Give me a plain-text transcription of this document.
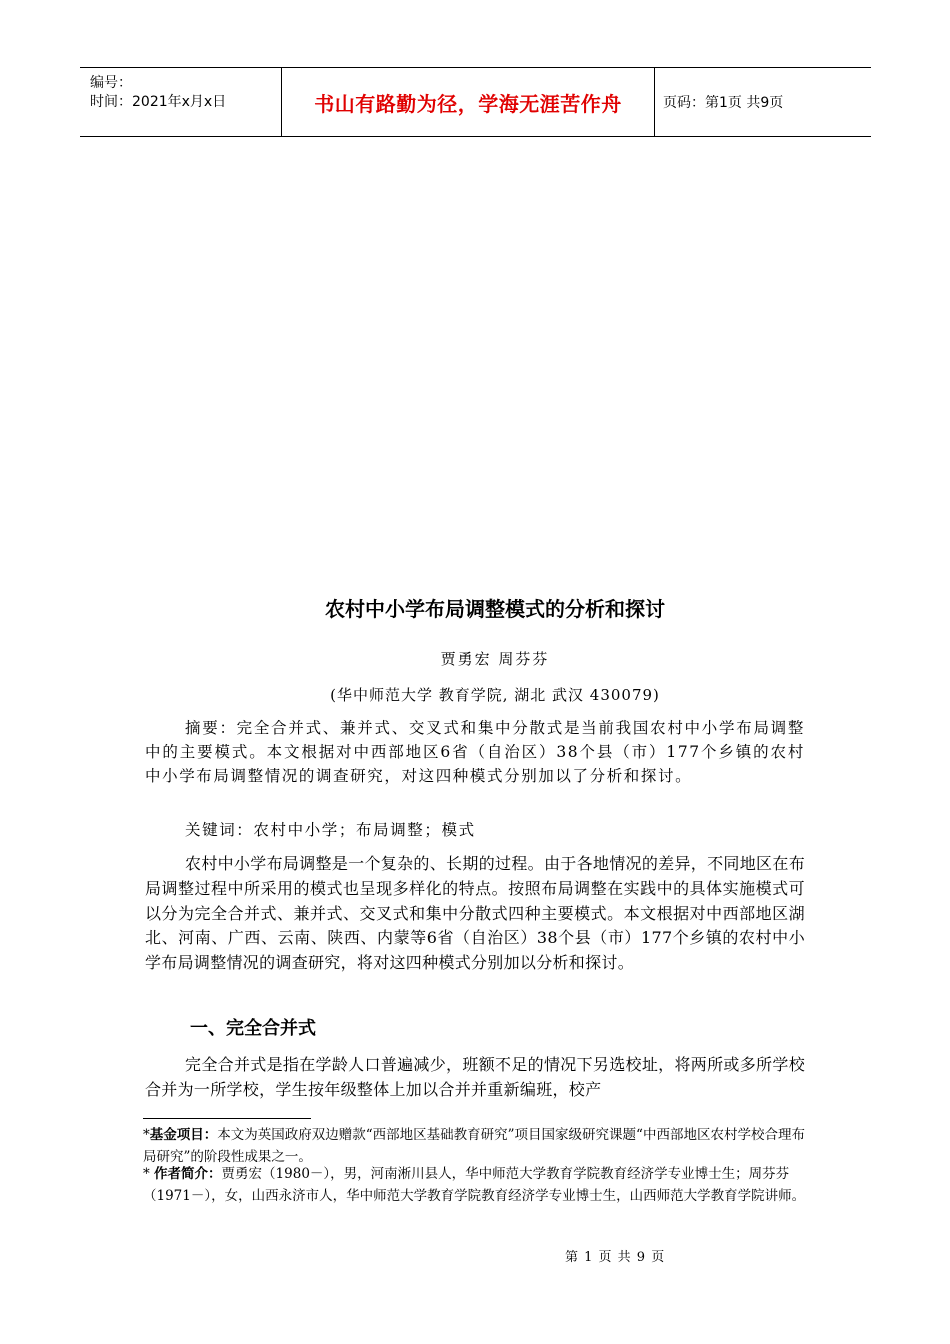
编号：
时间：2021年x月x日	书山有路勤为径，学海无涯苦作舟	页码：第1页 共9页
农村中小学布局调整模式的分析和探讨
贾勇宏 周芬芬
(华中师范大学 教育学院, 湖北 武汉 430079)

摘要：完全合并式、兼并式、交叉式和集中分散式是当前我国农村中小学布局调整中的主要模式。本文根据对中西部地区6省（自治区）38个县（市）177个乡镇的农村中小学布局调整情况的调查研究，对这四种模式分别加以了分析和探讨。

关键词：农村中小学；布局调整；模式

农村中小学布局调整是一个复杂的、长期的过程。由于各地情况的差异，不同地区在布局调整过程中所采用的模式也呈现多样化的特点。按照布局调整在实践中的具体实施模式可以分为完全合并式、兼并式、交叉式和集中分散式四种主要模式。本文根据对中西部地区湖北、河南、广西、云南、陕西、内蒙等6省（自治区）38个县（市）177个乡镇的农村中小学布局调整情况的调查研究，将对这四种模式分别加以分析和探讨。

一、完全合并式

完全合并式是指在学龄人口普遍减少，班额不足的情况下另选校址，将两所或多所学校合并为一所学校，学生按年级整体上加以合并并重新编班，校产

*基金项目：本文为英国政府双边赠款“西部地区基础教育研究”项目国家级研究课题“中西部地区农村学校合理布局研究”的阶段性成果之一。

* 作者简介：贾勇宏（1980－），男，河南淅川县人，华中师范大学教育学院教育经济学专业博士生；周芬芬（1971－），女，山西永济市人，华中师范大学教育学院教育经济学专业博士生，山西师范大学教育学院讲师。

第 1 页 共 9 页
